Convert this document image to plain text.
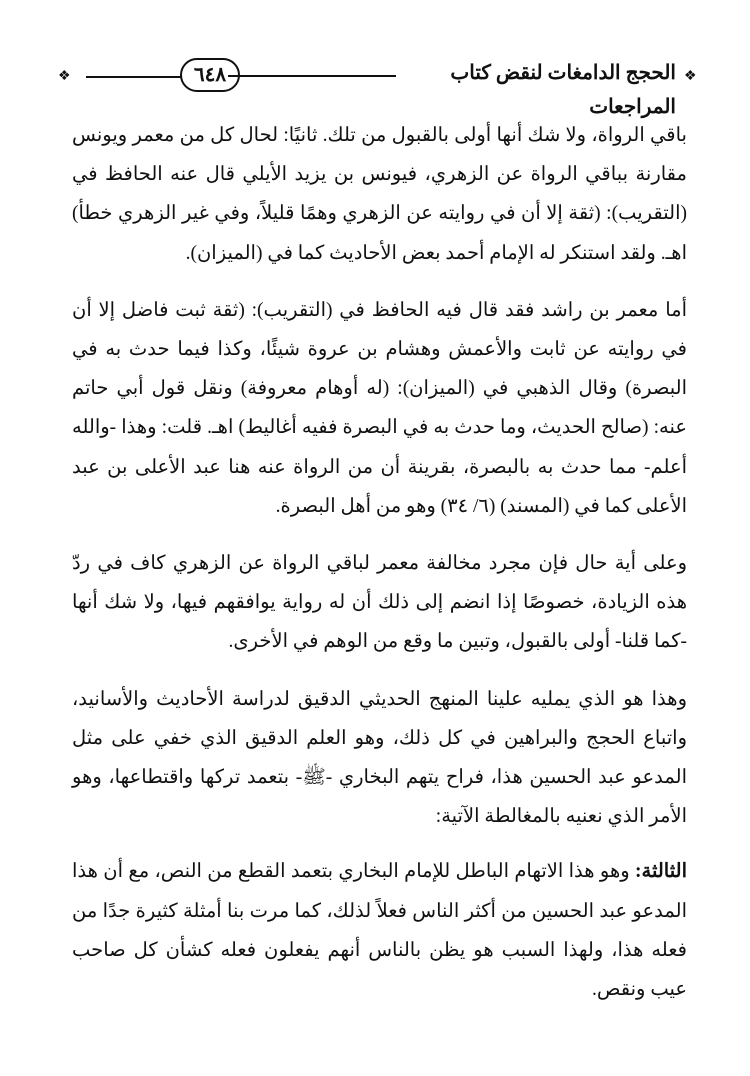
❖	٦٤٨	الحجج الدامغات لنقض كتاب المراجعات
❖

باقي الرواة، ولا شك أنها أولى بالقبول من تلك. ثانيًا: لحال كل من معمر ويونس مقارنة بباقي الرواة عن الزهري، فيونس بن يزيد الأيلي قال عنه الحافظ في (التقريب): (ثقة إلا أن في روايته عن الزهري وهمًا قليلاً، وفي غير الزهري خطأ) اهـ. ولقد استنكر له الإمام أحمد بعض الأحاديث كما في (الميزان).

أما معمر بن راشد فقد قال فيه الحافظ في (التقريب): (ثقة ثبت فاضل إلا أن في روايته عن ثابت والأعمش وهشام بن عروة شيئًا، وكذا فيما حدث به في البصرة) وقال الذهبي في (الميزان): (له أوهام معروفة) ونقل قول أبي حاتم عنه: (صالح الحديث، وما حدث به في البصرة ففيه أغاليط) اهـ. قلت: وهذا -والله أعلم- مما حدث به بالبصرة، بقرينة أن من الرواة عنه هنا عبد الأعلى بن عبد الأعلى كما في (المسند) (٦/ ٣٤) وهو من أهل البصرة.

وعلى أية حال فإن مجرد مخالفة معمر لباقي الرواة عن الزهري كاف في ردّ هذه الزيادة، خصوصًا إذا انضم إلى ذلك أن له رواية يوافقهم فيها، ولا شك أنها -كما قلنا- أولى بالقبول، وتبين ما وقع من الوهم في الأخرى.

وهذا هو الذي يمليه علينا المنهج الحديثي الدقيق لدراسة الأحاديث والأسانيد، واتباع الحجج والبراهين في كل ذلك، وهو العلم الدقيق الذي خفي على مثل المدعو عبد الحسين هذا، فراح يتهم البخاري -ﷺ- بتعمد تركها واقتطاعها، وهو الأمر الذي نعنيه بالمغالطة الآتية:

الثالثة: وهو هذا الاتهام الباطل للإمام البخاري بتعمد القطع من النص، مع أن هذا المدعو عبد الحسين من أكثر الناس فعلاً لذلك، كما مرت بنا أمثلة كثيرة جدًا من فعله هذا، ولهذا السبب هو يظن بالناس أنهم يفعلون فعله كشأن كل صاحب عيب ونقص.
